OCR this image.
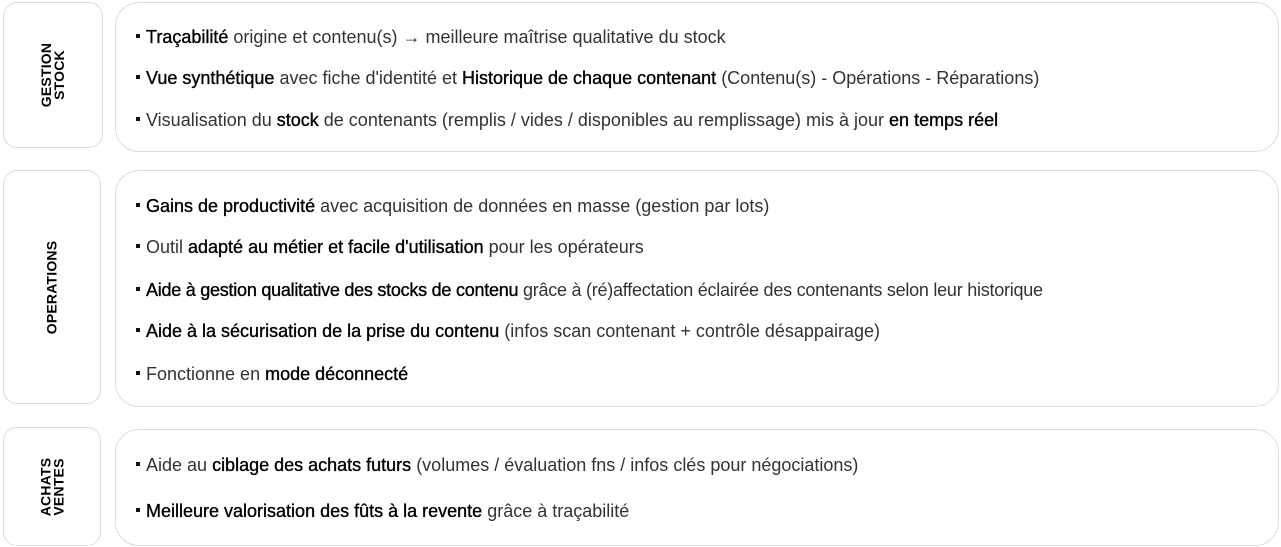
GESTION
STOCK
Traçabilité origine et contenu(s) → meilleure maîtrise qualitative du stock
Vue synthétique avec fiche d'identité et Historique de chaque contenant (Contenu(s) - Opérations - Réparations)
Visualisation du stock de contenants (remplis / vides / disponibles au remplissage) mis à jour en temps réel
OPERATIONS
Gains de productivité avec acquisition de données en masse (gestion par lots)
Outil adapté au métier et facile d'utilisation pour les opérateurs
Aide à gestion qualitative des stocks de contenu grâce à (ré)affectation éclairée des contenants selon leur historique
Aide à la sécurisation de la prise du contenu (infos scan contenant + contrôle désappairage)
Fonctionne en mode déconnecté
ACHATS
VENTES	Aide au ciblage des achats futurs (volumes / évaluation fns / infos clés pour négociations)
Meilleure valorisation des fûts à la revente grâce à traçabilité
